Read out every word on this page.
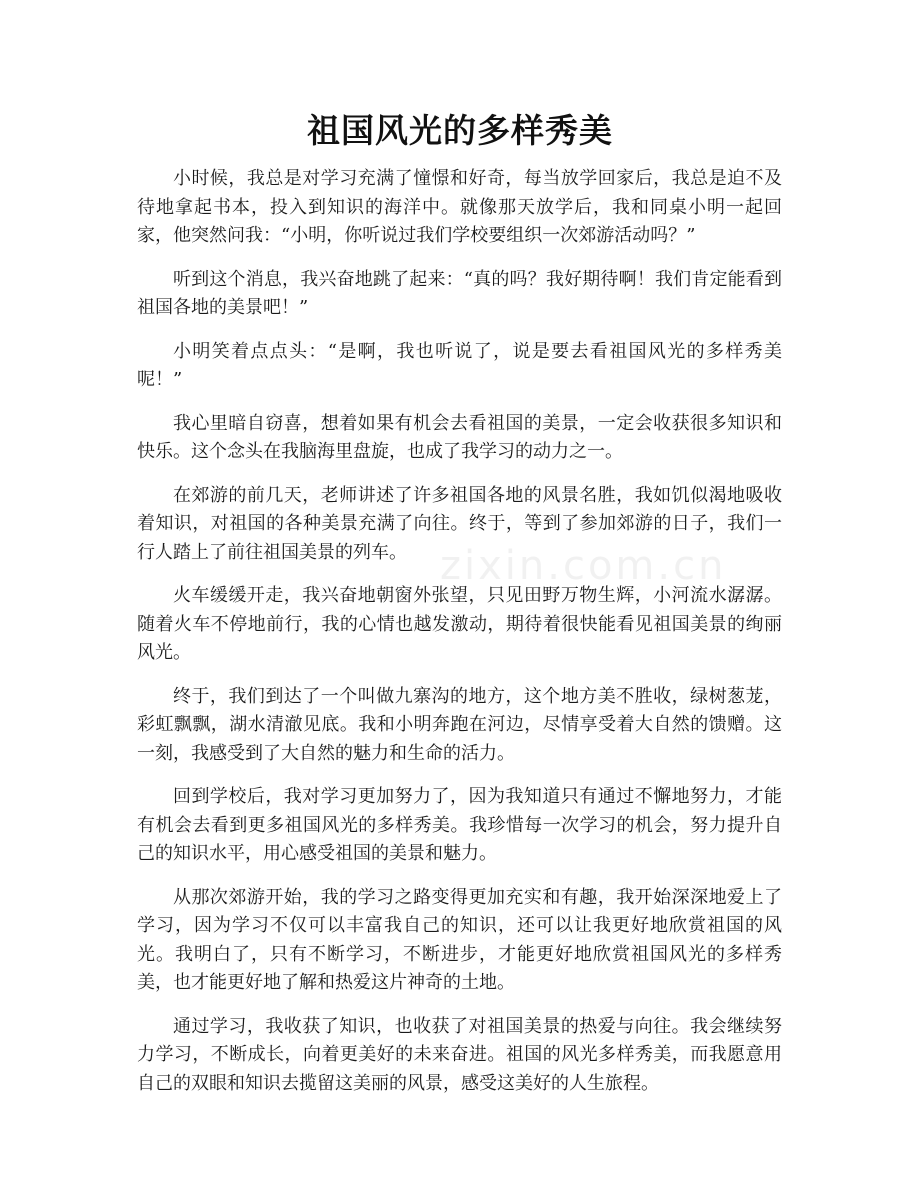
祖国风光的多样秀美

小时候，我总是对学习充满了憧憬和好奇，每当放学回家后，我总是迫不及待地拿起书本，投入到知识的海洋中。就像那天放学后，我和同桌小明一起回家，他突然问我：“小明，你听说过我们学校要组织一次郊游活动吗？”

听到这个消息，我兴奋地跳了起来：“真的吗？我好期待啊！我们肯定能看到祖国各地的美景吧！”

小明笑着点点头：“是啊，我也听说了，说是要去看祖国风光的多样秀美呢！”

我心里暗自窃喜，想着如果有机会去看祖国的美景，一定会收获很多知识和快乐。这个念头在我脑海里盘旋，也成了我学习的动力之一。

在郊游的前几天，老师讲述了许多祖国各地的风景名胜，我如饥似渴地吸收着知识，对祖国的各种美景充满了向往。终于，等到了参加郊游的日子，我们一行人踏上了前往祖国美景的列车。

火车缓缓开走，我兴奋地朝窗外张望，只见田野万物生辉，小河流水潺潺。随着火车不停地前行，我的心情也越发激动，期待着很快能看见祖国美景的绚丽风光。

终于，我们到达了一个叫做九寨沟的地方，这个地方美不胜收，绿树葱茏，彩虹飘飘，湖水清澈见底。我和小明奔跑在河边，尽情享受着大自然的馈赠。这一刻，我感受到了大自然的魅力和生命的活力。

回到学校后，我对学习更加努力了，因为我知道只有通过不懈地努力，才能有机会去看到更多祖国风光的多样秀美。我珍惜每一次学习的机会，努力提升自己的知识水平，用心感受祖国的美景和魅力。

从那次郊游开始，我的学习之路变得更加充实和有趣，我开始深深地爱上了学习，因为学习不仅可以丰富我自己的知识，还可以让我更好地欣赏祖国的风光。我明白了，只有不断学习，不断进步，才能更好地欣赏祖国风光的多样秀美，也才能更好地了解和热爱这片神奇的土地。

通过学习，我收获了知识，也收获了对祖国美景的热爱与向往。我会继续努力学习，不断成长，向着更美好的未来奋进。祖国的风光多样秀美，而我愿意用自己的双眼和知识去揽留这美丽的风景，感受这美好的人生旅程。

zixin.com.cn
